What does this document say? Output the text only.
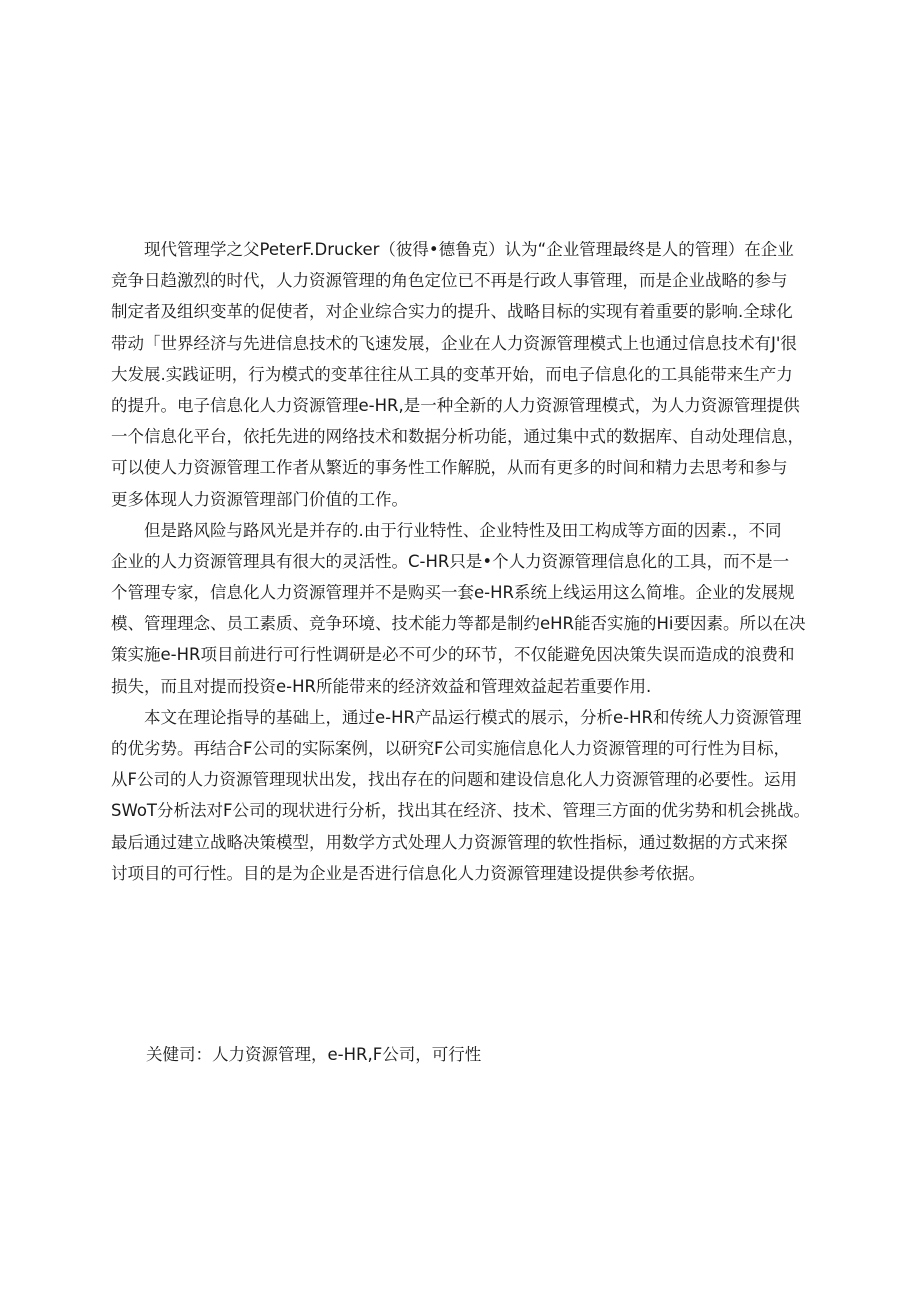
　　现代管理学之父PeterF.Drucker（彼得•德鲁克）认为“企业管理最终是人的管理）在企业
竞争日趋激烈的时代，人力资源管理的角色定位已不再是行政人事管理，而是企业战略的参与
制定者及组织变革的促使者，对企业综合实力的提升、战略目标的实现有着重要的影响.全球化
带动「世界经济与先进信息技术的飞速发展，企业在人力资源管理模式上也通过信息技术有J'很
大发展.实践证明，行为模式的变革往往从工具的变革开始，而电子信息化的工具能带来生产力
的提升。电子信息化人力资源管理e-HR,是一种全新的人力资源管理模式，为人力资源管理提供
一个信息化平台，依托先进的网络技术和数据分析功能，通过集中式的数据库、自动处理信息，
可以使人力资源管理工作者从繁近的事务性工作解脱，从而有更多的时间和精力去思考和参与
更多体现人力资源管理部门价值的工作。
　　但是路风险与路风光是并存的.由于行业特性、企业特性及田工构成等方面的因素.，不同
企业的人力资源管理具有很大的灵活性。C-HR只是•个人力资源管理信息化的工具，而不是一
个管理专家，信息化人力资源管理并不是购买一套e-HR系统上线运用这么简堆。企业的发展规
模、管理理念、员工素质、竞争环境、技术能力等都是制约eHR能否实施的Hi要因素。所以在决
策实施e-HR项目前进行可行性调研是必不可少的环节，不仅能避免因决策失误而造成的浪费和
损失，而且对提而投资e-HR所能带来的经济效益和管理效益起若重要作用.
　　本文在理论指导的基础上，通过e-HR产品运行模式的展示，分析e-HR和传统人力资源管理
的优劣势。再结合F公司的实际案例，以研究F公司实施信息化人力资源管理的可行性为目标，
从F公司的人力资源管理现状出发，找出存在的问题和建设信息化人力资源管理的必要性。运用
SWoT分析法对F公司的现状进行分析，找出其在经济、技术、管理三方面的优劣势和机会挑战。
最后通过建立战略决策模型，用数学方式处理人力资源管理的软性指标，通过数据的方式来探
讨项目的可行性。目的是为企业是否进行信息化人力资源管理建设提供参考依据。
关健司：人力资源管理，e-HR,F公司，可行性
